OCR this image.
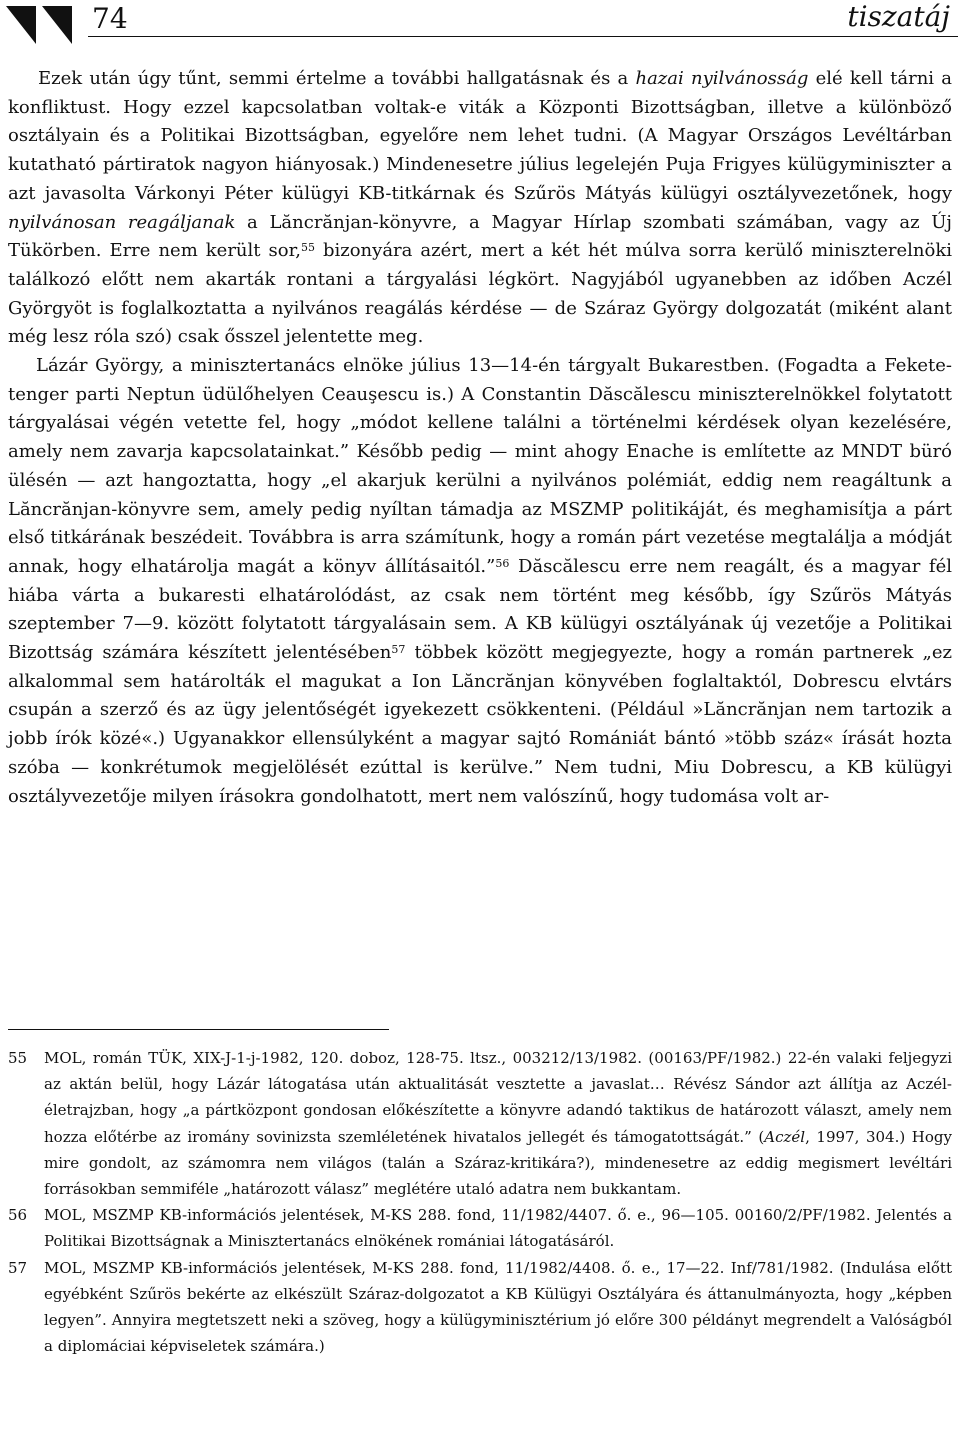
74	tiszatáj

Ezek után úgy tűnt, semmi értelme a további hallgatásnak és a hazai nyilvánosság elé kell tárni a konfliktust. Hogy ezzel kapcsolatban voltak-e viták a Központi Bizottságban, illetve a különböző osztályain és a Politikai Bizottságban, egyelőre nem lehet tudni. (A Magyar Országos Levéltárban kutatható pártiratok nagyon hiányosak.) Mindenesetre július legelején Puja Frigyes külügyminiszter a azt javasolta Várkonyi Péter külügyi KB-titkárnak és Szűrös Mátyás külügyi osztályvezetőnek, hogy nyilvánosan reagáljanak a Lăncrănjan-könyvre, a Magyar Hírlap szombati számában, vagy az Új Tükörben. Erre nem került sor,$^{55}$ bizonyára azért, mert a két hét múlva sorra kerülő miniszterelnöki találkozó előtt nem akarták rontani a tárgyalási légkört. Nagyjából ugyanebben az időben Aczél Györgyöt is foglalkoztatta a nyilvános reagálás kérdése — de Száraz György dolgozatát (miként alant még lesz róla szó) csak ősszel jelentette meg.

Lázár György, a minisztertanács elnöke július 13—14-én tárgyalt Bukarestben. (Fogadta a Fekete-tenger parti Neptun üdülőhelyen Ceauşescu is.) A Constantin Dăscălescu miniszterelnökkel folytatott tárgyalásai végén vetette fel, hogy „módot kellene találni a történelmi kérdések olyan kezelésére, amely nem zavarja kapcsolatainkat.” Később pedig — mint ahogy Enache is említette az MNDT büró ülésén — azt hangoztatta, hogy „el akarjuk kerülni a nyilvános polémiát, eddig nem reagáltunk a Lăncrănjan-könyvre sem, amely pedig nyíltan támadja az MSZMP politikáját, és meghamisítja a párt első titkárának beszédeit. Továbbra is arra számítunk, hogy a román párt vezetése megtalálja a módját annak, hogy elhatárolja magát a könyv állításaitól.”$^{56}$ Dăscălescu erre nem reagált, és a magyar fél hiába várta a bukaresti elhatárolódást, az csak nem történt meg később, így Szűrös Mátyás szeptember 7—9. között folytatott tárgyalásain sem. A KB külügyi osztályának új vezetője a Politikai Bizottság számára készített jelentésében$^{57}$ többek között megjegyezte, hogy a román partnerek „ez alkalommal sem határolták el magukat a Ion Lăncrănjan könyvében foglaltaktól, Dobrescu elvtárs csupán a szerző és az ügy jelentőségét igyekezett csökkenteni. (Például »Lăncrănjan nem tartozik a jobb írók közé«.) Ugyanakkor ellensúlyként a magyar sajtó Romániát bántó »több száz« írását hozta szóba — konkrétumok megjelölését ezúttal is kerülve.” Nem tudni, Miu Dobrescu, a KB külügyi osztályvezetője milyen írásokra gondolhatott, mert nem valószínű, hogy tudomása volt ar-

55 MOL, román TÜK, XIX-J-1-j-1982, 120. doboz, 128-75. ltsz., 003212/13/1982. (00163/PF/1982.) 22-én valaki feljegyzi az aktán belül, hogy Lázár látogatása után aktualitását vesztette a javaslat… Révész Sándor azt állítja az Aczél-életrajzban, hogy „a pártközpont gondosan előkészítette a könyvre adandó taktikus de határozott választ, amely nem hozza előtérbe az iromány sovinizsta szemléletének hivatalos jellegét és támogatottságát.” (Aczél, 1997, 304.) Hogy mire gondolt, az számomra nem világos (talán a Száraz-kritikára?), mindenesetre az eddig megismert levéltári forrásokban semmiféle „határozott válasz” meglétére utaló adatra nem bukkantam.
56 MOL, MSZMP KB-információs jelentések, M-KS 288. fond, 11/1982/4407. ő. e., 96—105. 00160/2/PF/1982. Jelentés a Politikai Bizottságnak a Minisztertanács elnökének romániai látogatásáról.
57 MOL, MSZMP KB-információs jelentések, M-KS 288. fond, 11/1982/4408. ő. e., 17—22. Inf/781/1982. (Indulása előtt egyébként Szűrös bekérte az elkészült Száraz-dolgozatot a KB Külügyi Osztályára és áttanulmányozta, hogy „képben legyen”. Annyira megtetszett neki a szöveg, hogy a külügyminisztérium jó előre 300 példányt megrendelt a Valóságból a diplomáciai képviseletek számára.)
